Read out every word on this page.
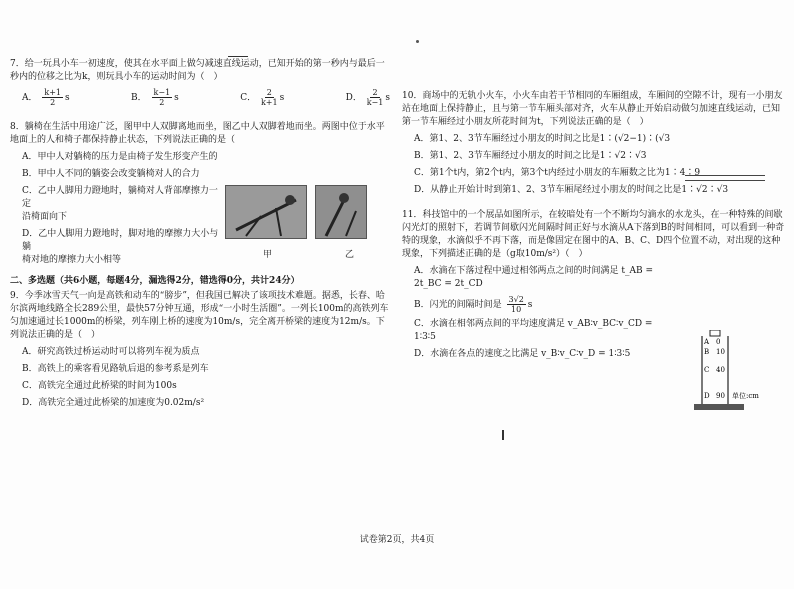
7．给一玩具小车一初速度，使其在水平面上做匀减速直线运动，已知开始的第一秒内与最后一秒内的位移之比为k，则玩具小车的运动时间为（　）
A． $\frac{k+1}{2}$ s	B． $\frac{k-1}{2}$ s	C． $\frac{2}{k+1}$ s	D． $\frac{2}{k-1}$ s
8．躺椅在生活中用途广泛，图甲中人双脚离地而坐，图乙中人双脚着地而坐。两图中位于水平地面上的人和椅子都保持静止状态，下列说法正确的是（
A．甲中人对躺椅的压力是由椅子发生形变产生的
B．甲中人不同的躺姿会改变躺椅对人的合力
C．乙中人脚用力蹬地时，躺椅对人背部摩擦力一定
沿椅面向下
D．乙中人脚用力蹬地时，脚对地的摩擦力大小与躺
椅对地的摩擦力大小相等
二、多选题（共6小题，每题4分，漏选得2分，错选得0分，共计24分）
9．今季冰雪天气一向是高铁和动车的“膀步”，但我国已解决了该项技术难题。据悉，长春、哈尔滨两地线路全长289公里，最快57分钟互通，形成“一小时生活圈”。一列长100m的高铁列车匀加速通过长1000m的桥梁，列车刚上桥的速度为10m/s，完全离开桥梁的速度为12m/s。下列说法正确的是（　）
A．研究高铁过桥运动时可以将列车视为质点
B．高铁上的乘客看见路轨后退的参考系是列车
C．高铁完全通过此桥梁的时间为100s
D．高铁完全通过此桥梁的加速度为0.02m/s²
甲	乙
10．商场中的无轨小火车，小火车由若干节相同的车厢组成，车厢间的空隙不计，现有一小朋友站在地面上保持静止，且与第一节车厢头部对齐，火车从静止开始启动做匀加速直线运动，已知第一节车厢经过小朋友所花时间为t，下列说法正确的是（　）
A．第1、2、3节车厢经过小朋友的时间之比是1∶(√2−1)∶(√3
B．第1、2、3节车厢经过小朋友的时间之比是1∶√2∶√3
C．第1个t内，第2个t内，第3个t内经过小朋友的车厢数之比为1∶4∶9
D．从静止开始计时到第1、2、3节车厢尾经过小朋友的时间之比是1∶√2∶√3
11．科技馆中的一个展品如图所示，在较暗处有一个不断均匀滴水的水龙头，在一种特殊的间歇闪光灯的照射下，若调节间歇闪光间隔时间正好与水滴从A下落到B的时间相同，可以看到一种奇特的现象，水滴似乎不再下落，而是像固定在图中的A、B、C、D四个位置不动，对出现的这种现象，下列描述正确的是（g取10m/s²）（　）
A．水滴在下落过程中通过相邻两点之间的时间满足 t_AB = 2t_BC = 2t_CD
B．闪光的间隔时间是 $\frac{3√2}{10}$ s
C．水滴在相邻两点间的平均速度满足 v_AB∶v_BC∶v_CD = 1∶3∶5
D．水滴在各点的速度之比满足 v_B∶v_C∶v_D = 1∶3∶5
A
B
C
D
0
10
40
90 单位:cm
试卷第2页，共4页
